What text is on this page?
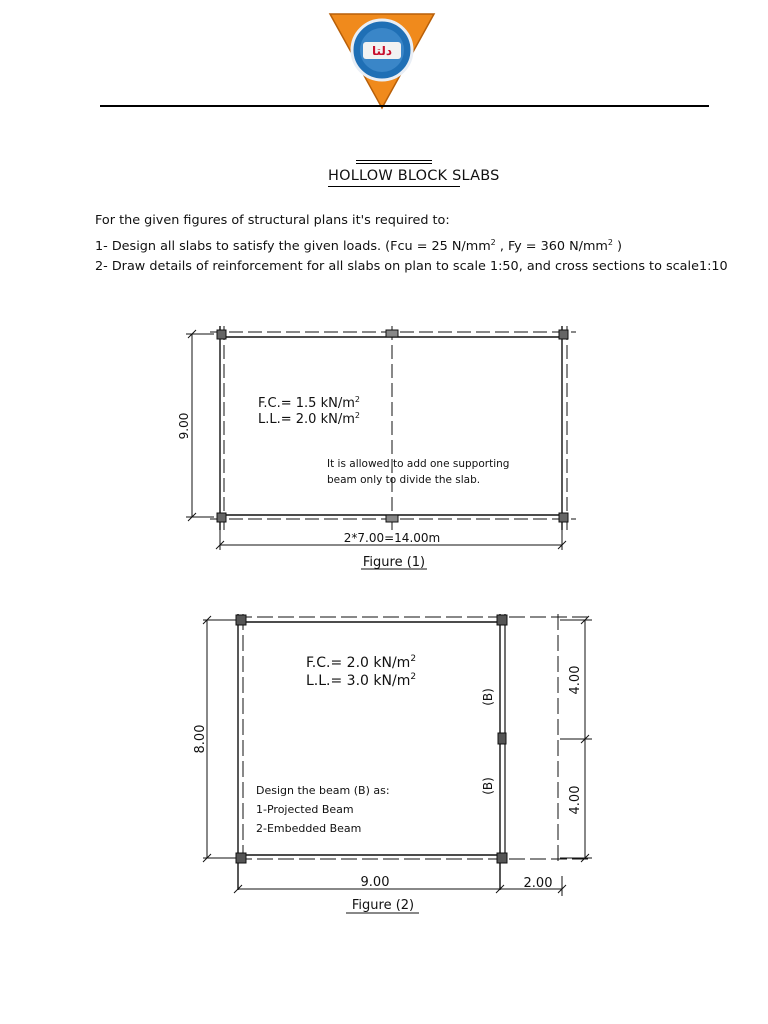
دلتا
HOLLOW BLOCK SLABS
For the given figures of structural plans it's required to:
1- Design all slabs to satisfy the given loads. (Fcu = 25 $N/mm^2$ , Fy = 360 $N/mm^2$ )
2- Draw details of reinforcement for all slabs on plan to scale 1:50, and cross sections to scale1:10
F.C.= 1.5 $kN/m^2$
L.L.= 2.0 $kN/m^2$
It is allowed to add one supporting
beam only to divide the slab.
9.00
2*7.00=14.00m
Figure (1)
F.C.= 2.0 $kN/m^2$
L.L.= 3.0 $kN/m^2$
(B)
(B)
Design the beam (B) as:
1-Projected Beam
2-Embedded Beam
8.00
4.00
4.00
9.00	2.00
Figure (2)
